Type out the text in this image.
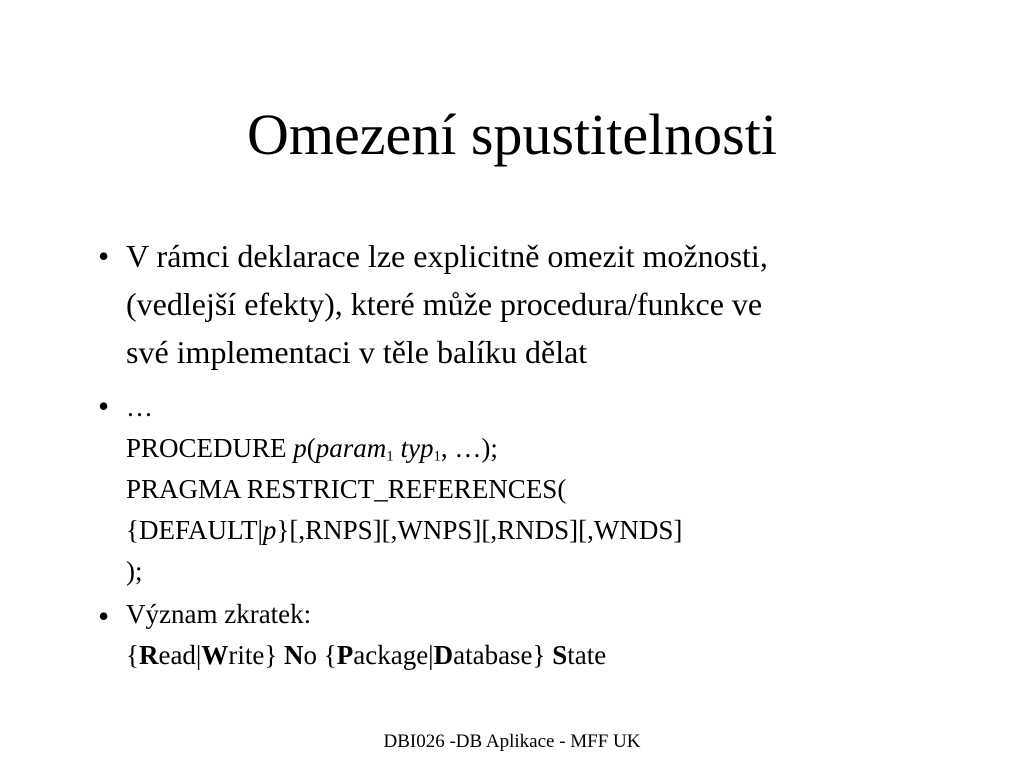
Omezení spustitelnosti
• V rámci deklarace lze explicitně omezit možnosti,
(vedlejší efekty), které může procedura/funkce ve
své implementaci v těle balíku dělat
• …
PROCEDURE p(param$_1$ typ$_1$, …);
PRAGMA RESTRICT_REFERENCES(
{DEFAULT|p}[,RNPS][,WNPS][,RNDS][,WNDS]
);
• Význam zkratek:
{Read|Write} No {Package|Database} State
DBI026 -DB Aplikace - MFF UK
